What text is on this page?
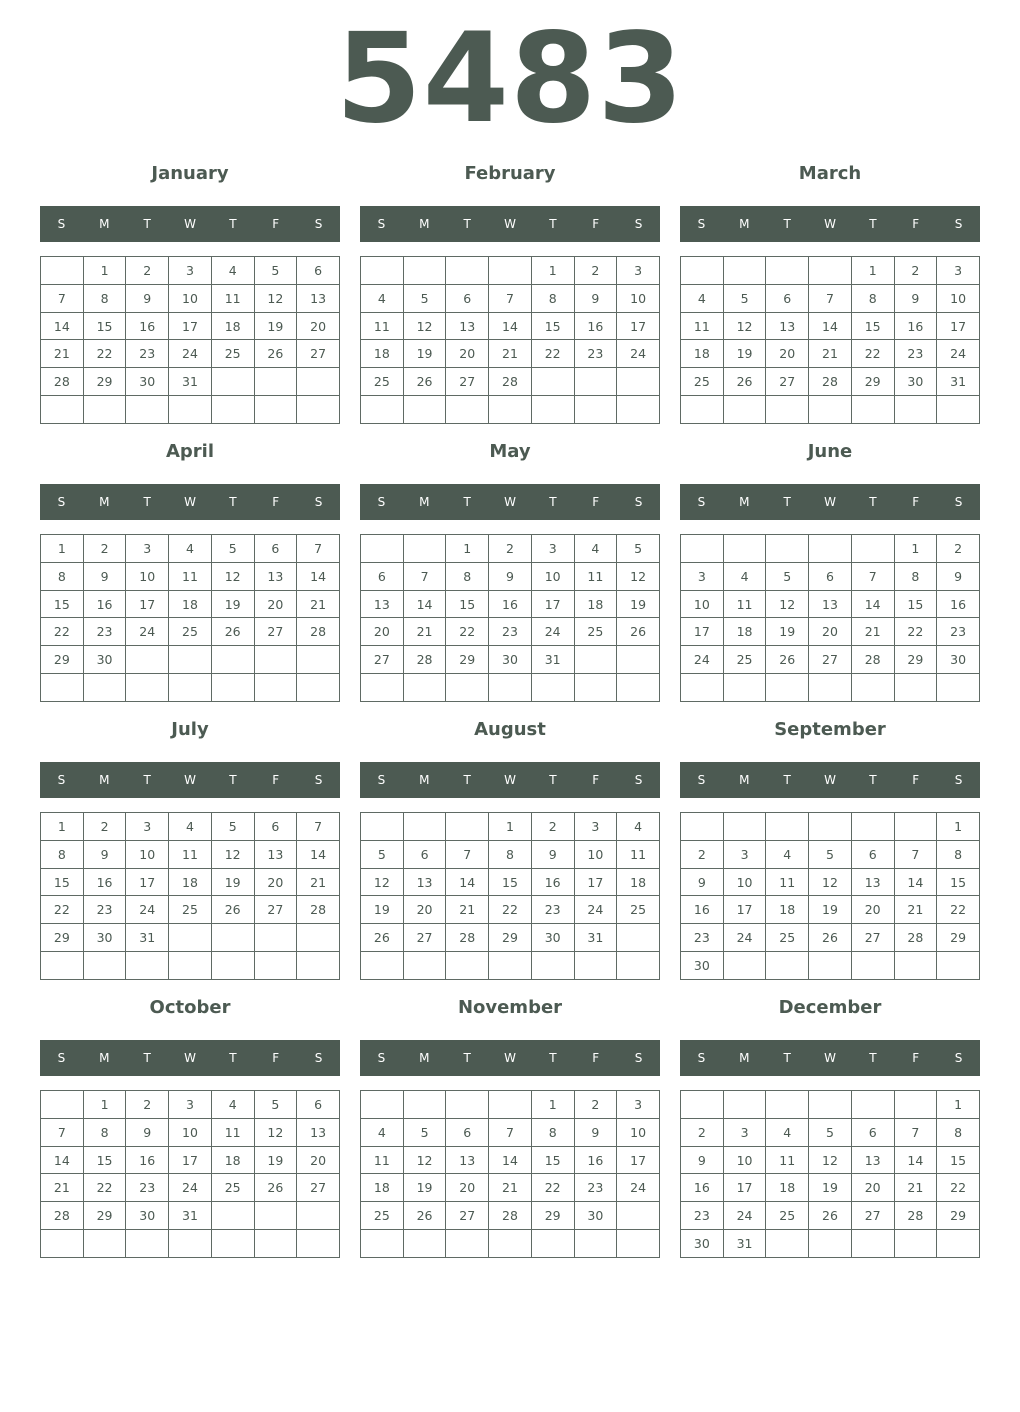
5483
January
S	M	T	W	T	F	S
	1	2	3	4	5	6
7	8	9	10	11	12	13
14	15	16	17	18	19	20
21	22	23	24	25	26	27
28	29	30	31			

February
S	M	T	W	T	F	S
				1	2	3
4	5	6	7	8	9	10
11	12	13	14	15	16	17
18	19	20	21	22	23	24
25	26	27	28			

March
S	M	T	W	T	F	S
				1	2	3
4	5	6	7	8	9	10
11	12	13	14	15	16	17
18	19	20	21	22	23	24
25	26	27	28	29	30	31

April
S	M	T	W	T	F	S
1	2	3	4	5	6	7
8	9	10	11	12	13	14
15	16	17	18	19	20	21
22	23	24	25	26	27	28
29	30					

May
S	M	T	W	T	F	S
		1	2	3	4	5
6	7	8	9	10	11	12
13	14	15	16	17	18	19
20	21	22	23	24	25	26
27	28	29	30	31		

June
S	M	T	W	T	F	S
					1	2
3	4	5	6	7	8	9
10	11	12	13	14	15	16
17	18	19	20	21	22	23
24	25	26	27	28	29	30

July
S	M	T	W	T	F	S
1	2	3	4	5	6	7
8	9	10	11	12	13	14
15	16	17	18	19	20	21
22	23	24	25	26	27	28
29	30	31				

August
S	M	T	W	T	F	S
			1	2	3	4
5	6	7	8	9	10	11
12	13	14	15	16	17	18
19	20	21	22	23	24	25
26	27	28	29	30	31	

September
S	M	T	W	T	F	S
						1
2	3	4	5	6	7	8
9	10	11	12	13	14	15
16	17	18	19	20	21	22
23	24	25	26	27	28	29
30						
October
S	M	T	W	T	F	S
	1	2	3	4	5	6
7	8	9	10	11	12	13
14	15	16	17	18	19	20
21	22	23	24	25	26	27
28	29	30	31			

November
S	M	T	W	T	F	S
				1	2	3
4	5	6	7	8	9	10
11	12	13	14	15	16	17
18	19	20	21	22	23	24
25	26	27	28	29	30	

December
S	M	T	W	T	F	S
						1
2	3	4	5	6	7	8
9	10	11	12	13	14	15
16	17	18	19	20	21	22
23	24	25	26	27	28	29
30	31					
